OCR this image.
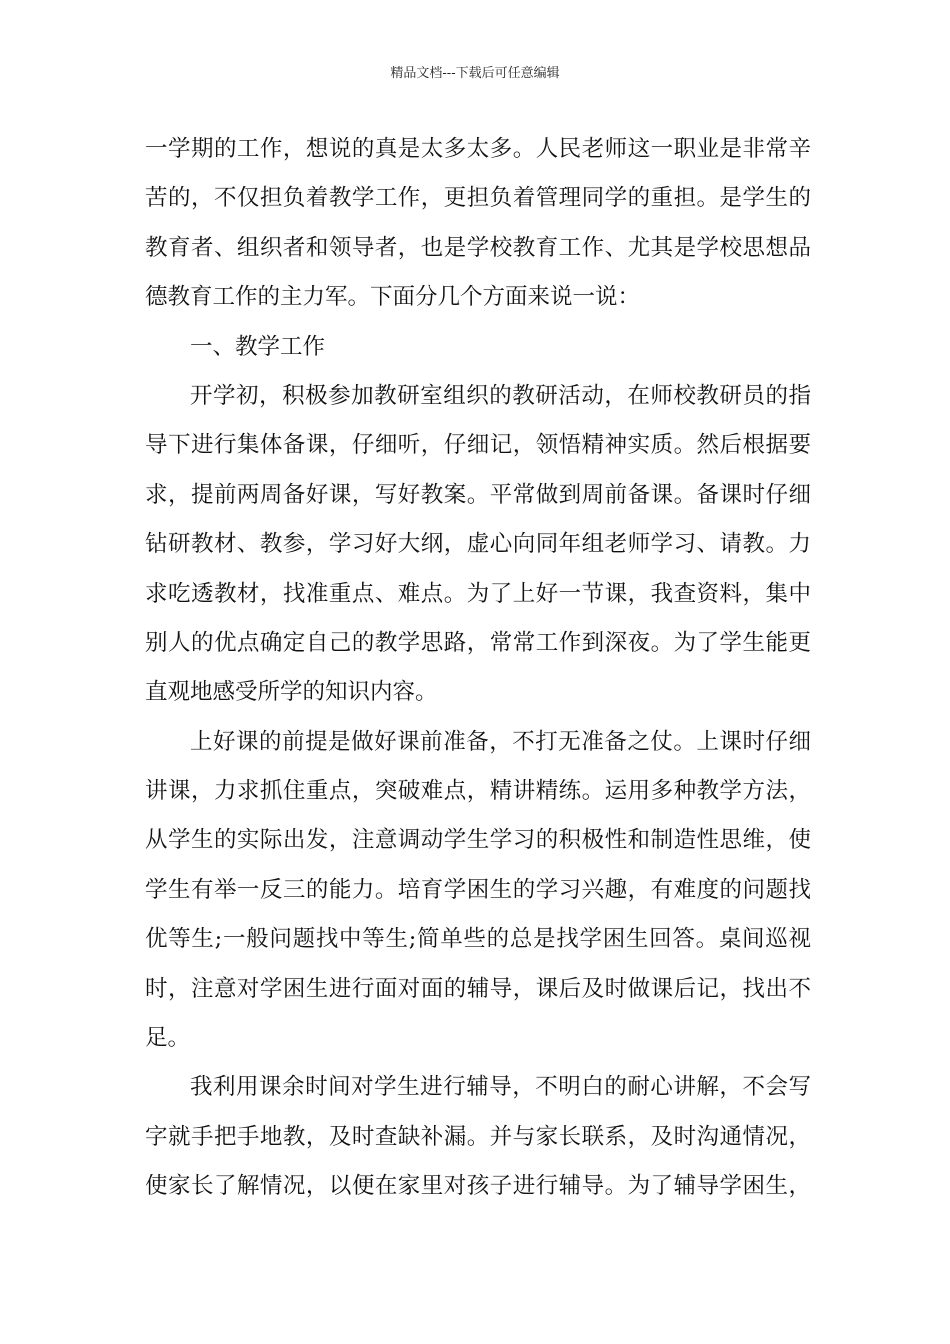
精品文档---下载后可任意编辑
一学期的工作，想说的真是太多太多。人民老师这一职业是非常辛
苦的，不仅担负着教学工作，更担负着管理同学的重担。是学生的
教育者、组织者和领导者，也是学校教育工作、尤其是学校思想品
德教育工作的主力军。下面分几个方面来说一说：
一、教学工作
开学初，积极参加教研室组织的教研活动，在师校教研员的指
导下进行集体备课，仔细听，仔细记，领悟精神实质。然后根据要
求，提前两周备好课，写好教案。平常做到周前备课。备课时仔细
钻研教材、教参，学习好大纲，虚心向同年组老师学习、请教。力
求吃透教材，找准重点、难点。为了上好一节课，我查资料，集中
别人的优点确定自己的教学思路，常常工作到深夜。为了学生能更
直观地感受所学的知识内容。
上好课的前提是做好课前准备，不打无准备之仗。上课时仔细
讲课，力求抓住重点，突破难点，精讲精练。运用多种教学方法，
从学生的实际出发，注意调动学生学习的积极性和制造性思维，使
学生有举一反三的能力。培育学困生的学习兴趣，有难度的问题找
优等生;一般问题找中等生;简单些的总是找学困生回答。桌间巡视
时，注意对学困生进行面对面的辅导，课后及时做课后记，找出不
足。
我利用课余时间对学生进行辅导，不明白的耐心讲解，不会写
字就手把手地教，及时查缺补漏。并与家长联系，及时沟通情况，
使家长了解情况，以便在家里对孩子进行辅导。为了辅导学困生，
